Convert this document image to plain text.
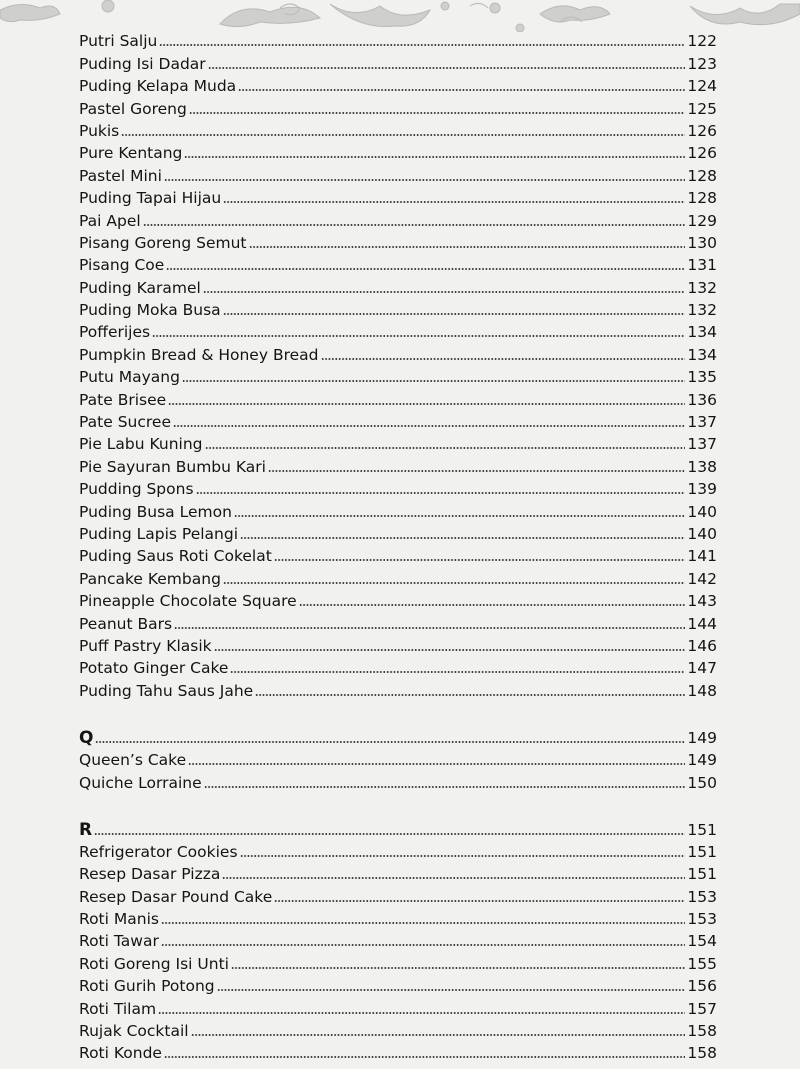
Putri Salju	122
Puding Isi Dadar	123
Puding Kelapa Muda	124
Pastel Goreng	125
Pukis	126
Pure Kentang	126
Pastel Mini	128
Puding Tapai Hijau	128
Pai Apel	129
Pisang Goreng Semut	130
Pisang Coe	131
Puding Karamel	132
Puding Moka Busa	132
Pofferijes	134
Pumpkin Bread & Honey Bread	134
Putu Mayang	135
Pate Brisee	136
Pate Sucree	137
Pie Labu Kuning	137
Pie Sayuran Bumbu Kari	138
Pudding Spons	139
Puding Busa Lemon	140
Puding Lapis Pelangi	140
Puding Saus Roti Cokelat	141
Pancake Kembang	142
Pineapple Chocolate Square	143
Peanut Bars	144
Puff Pastry Klasik	146
Potato Ginger Cake	147
Puding Tahu Saus Jahe	148
Q	149
Queen’s Cake	149
Quiche Lorraine	150
R	151
Refrigerator Cookies	151
Resep Dasar Pizza	151
Resep Dasar Pound Cake	153
Roti Manis	153
Roti Tawar	154
Roti Goreng Isi Unti	155
Roti Gurih Potong	156
Roti Tilam	157
Rujak Cocktail	158
Roti Konde	158
